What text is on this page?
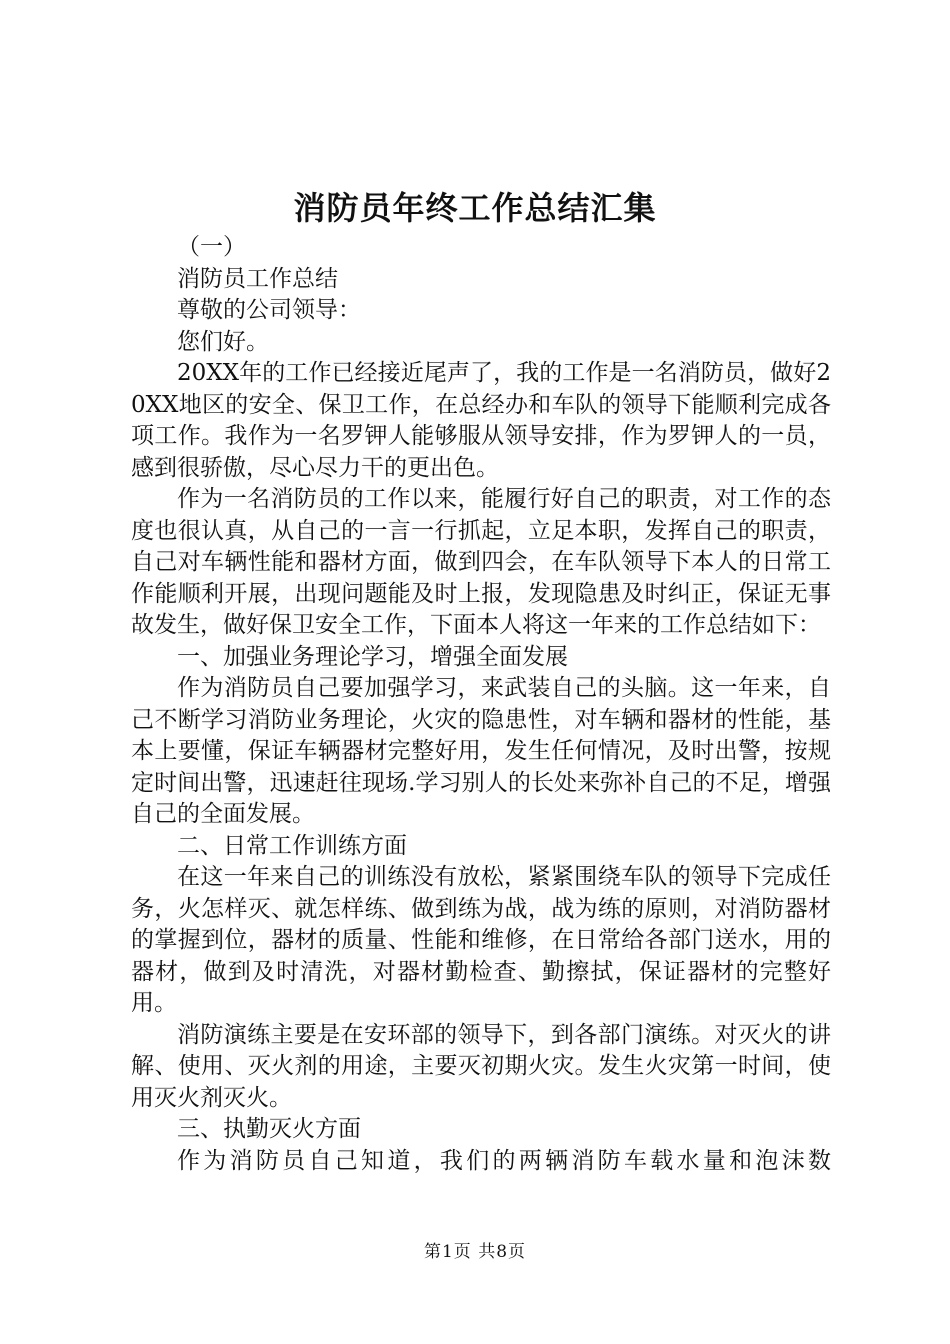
消防员年终工作总结汇集

（一）

消防员工作总结

尊敬的公司领导：

您们好。

20XX年的工作已经接近尾声了，我的工作是一名消防员，做好20XX地区的安全、保卫工作，在总经办和车队的领导下能顺利完成各项工作。我作为一名罗钾人能够服从领导安排，作为罗钾人的一员，感到很骄傲，尽心尽力干的更出色。

作为一名消防员的工作以来，能履行好自己的职责，对工作的态度也很认真，从自己的一言一行抓起，立足本职，发挥自己的职责，自己对车辆性能和器材方面，做到四会，在车队领导下本人的日常工作能顺利开展，出现问题能及时上报，发现隐患及时纠正，保证无事故发生，做好保卫安全工作，下面本人将这一年来的工作总结如下：

一、加强业务理论学习，增强全面发展

作为消防员自己要加强学习，来武装自己的头脑。这一年来，自己不断学习消防业务理论，火灾的隐患性，对车辆和器材的性能，基本上要懂，保证车辆器材完整好用，发生任何情况，及时出警，按规定时间出警，迅速赶往现场.学习别人的长处来弥补自己的不足，增强自己的全面发展。

二、日常工作训练方面

在这一年来自己的训练没有放松，紧紧围绕车队的领导下完成任务，火怎样灭、就怎样练、做到练为战，战为练的原则，对消防器材的掌握到位，器材的质量、性能和维修，在日常给各部门送水，用的器材，做到及时清洗，对器材勤检查、勤擦拭，保证器材的完整好用。

消防演练主要是在安环部的领导下，到各部门演练。对灭火的讲解、使用、灭火剂的用途，主要灭初期火灾。发生火灾第一时间，使用灭火剂灭火。

三、执勤灭火方面

作为消防员自己知道，我们的两辆消防车载水量和泡沫数

第1页 共8页
